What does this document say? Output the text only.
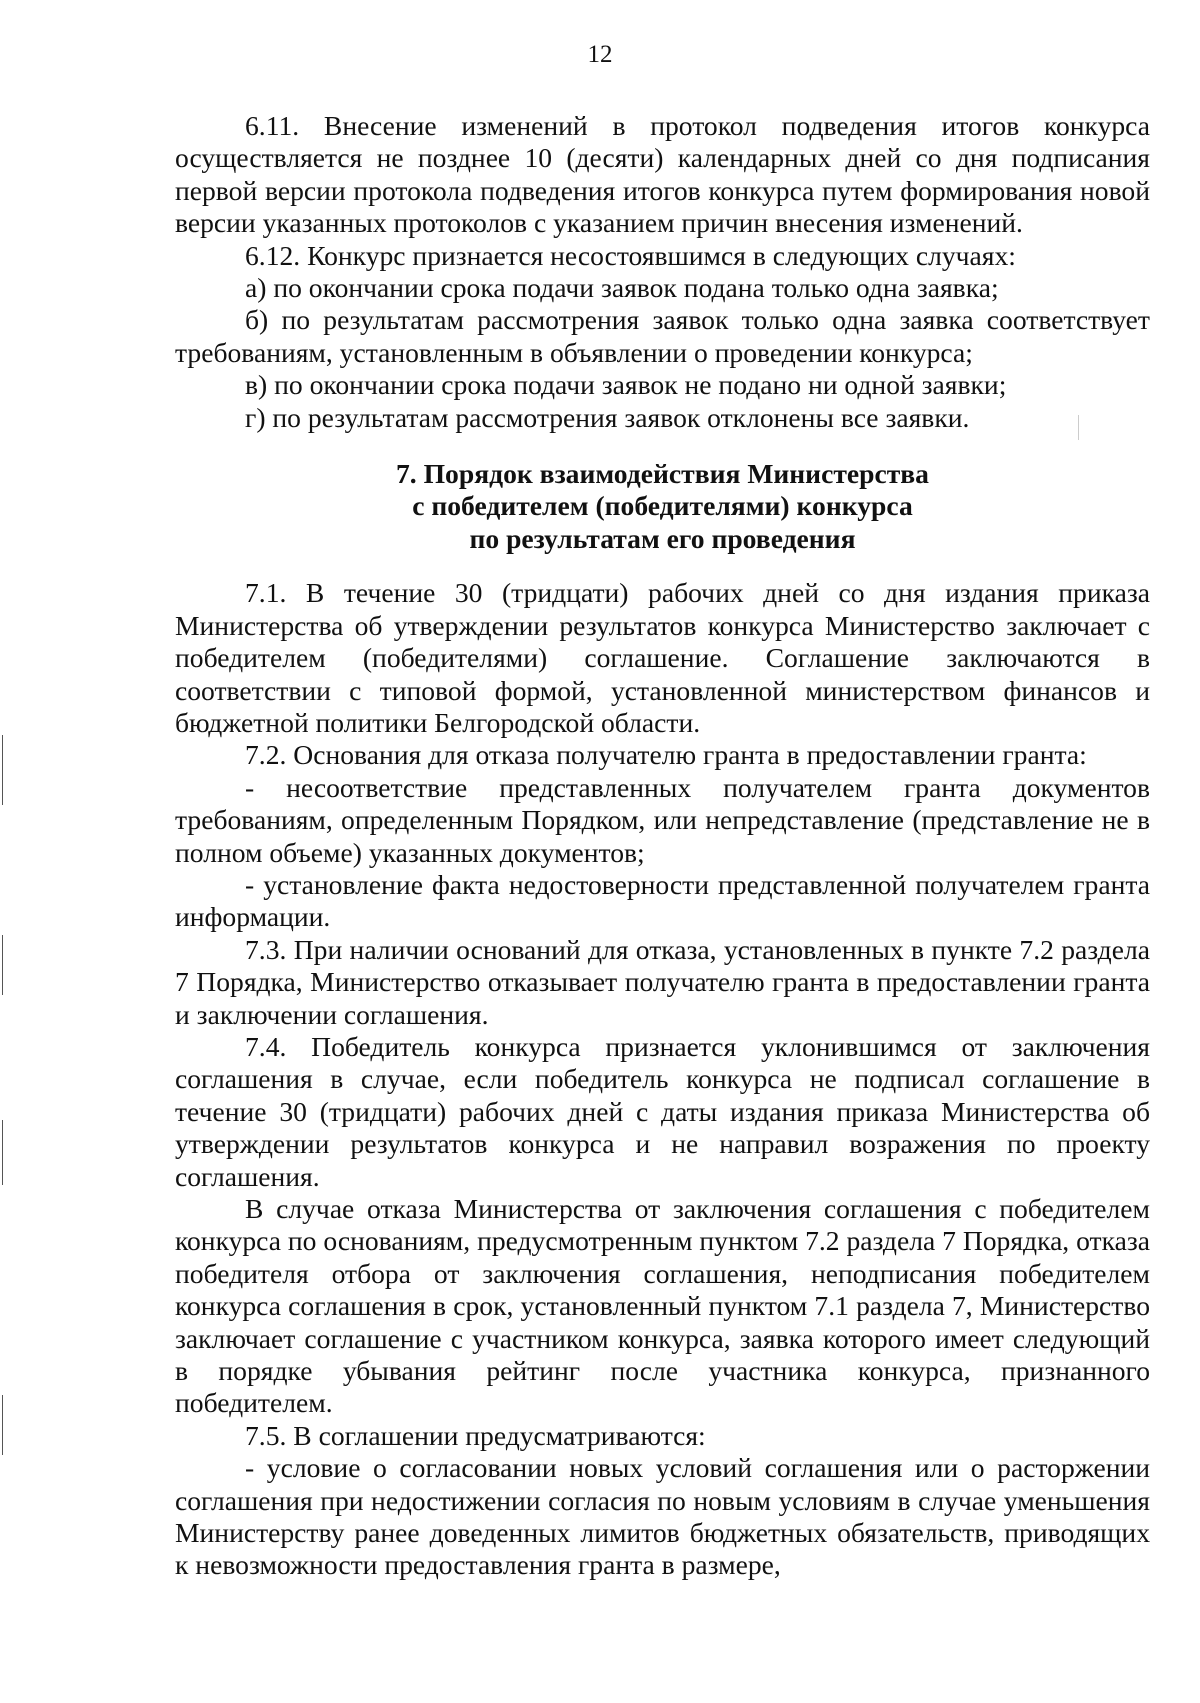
12

6.11. Внесение изменений в протокол подведения итогов конкурса осуществляется не позднее 10 (десяти) календарных дней со дня подписания первой версии протокола подведения итогов конкурса путем формирования новой версии указанных протоколов с указанием причин внесения изменений.

6.12. Конкурс признается несостоявшимся в следующих случаях:

а) по окончании срока подачи заявок подана только одна заявка;

б) по результатам рассмотрения заявок только одна заявка соответствует требованиям, установленным в объявлении о проведении конкурса;

в) по окончании срока подачи заявок не подано ни одной заявки;

г) по результатам рассмотрения заявок отклонены все заявки.

7. Порядок взаимодействия Министерства
с победителем (победителями) конкурса
по результатам его проведения

7.1. В течение 30 (тридцати) рабочих дней со дня издания приказа Министерства об утверждении результатов конкурса Министерство заключает с победителем (победителями) соглашение. Соглашение заключаются в соответствии с типовой формой, установленной министерством финансов и бюджетной политики Белгородской области.

7.2. Основания для отказа получателю гранта в предоставлении гранта:

- несоответствие представленных получателем гранта документов требованиям, определенным Порядком, или непредставление (представление не в полном объеме) указанных документов;

- установление факта недостоверности представленной получателем гранта информации.

7.3. При наличии оснований для отказа, установленных в пункте 7.2 раздела 7 Порядка, Министерство отказывает получателю гранта в предоставлении гранта и заключении соглашения.

7.4. Победитель конкурса признается уклонившимся от заключения соглашения в случае, если победитель конкурса не подписал соглашение в течение 30 (тридцати) рабочих дней с даты издания приказа Министерства об утверждении результатов конкурса и не направил возражения по проекту соглашения.

В случае отказа Министерства от заключения соглашения с победителем конкурса по основаниям, предусмотренным пунктом 7.2 раздела 7 Порядка, отказа победителя отбора от заключения соглашения, неподписания победителем конкурса соглашения в срок, установленный пунктом 7.1 раздела 7, Министерство заключает соглашение с участником конкурса, заявка которого имеет следующий в порядке убывания рейтинг после участника конкурса, признанного победителем.

7.5. В соглашении предусматриваются:

- условие о согласовании новых условий соглашения или о расторжении соглашения при недостижении согласия по новым условиям в случае уменьшения Министерству ранее доведенных лимитов бюджетных обязательств, приводящих к невозможности предоставления гранта в размере,
